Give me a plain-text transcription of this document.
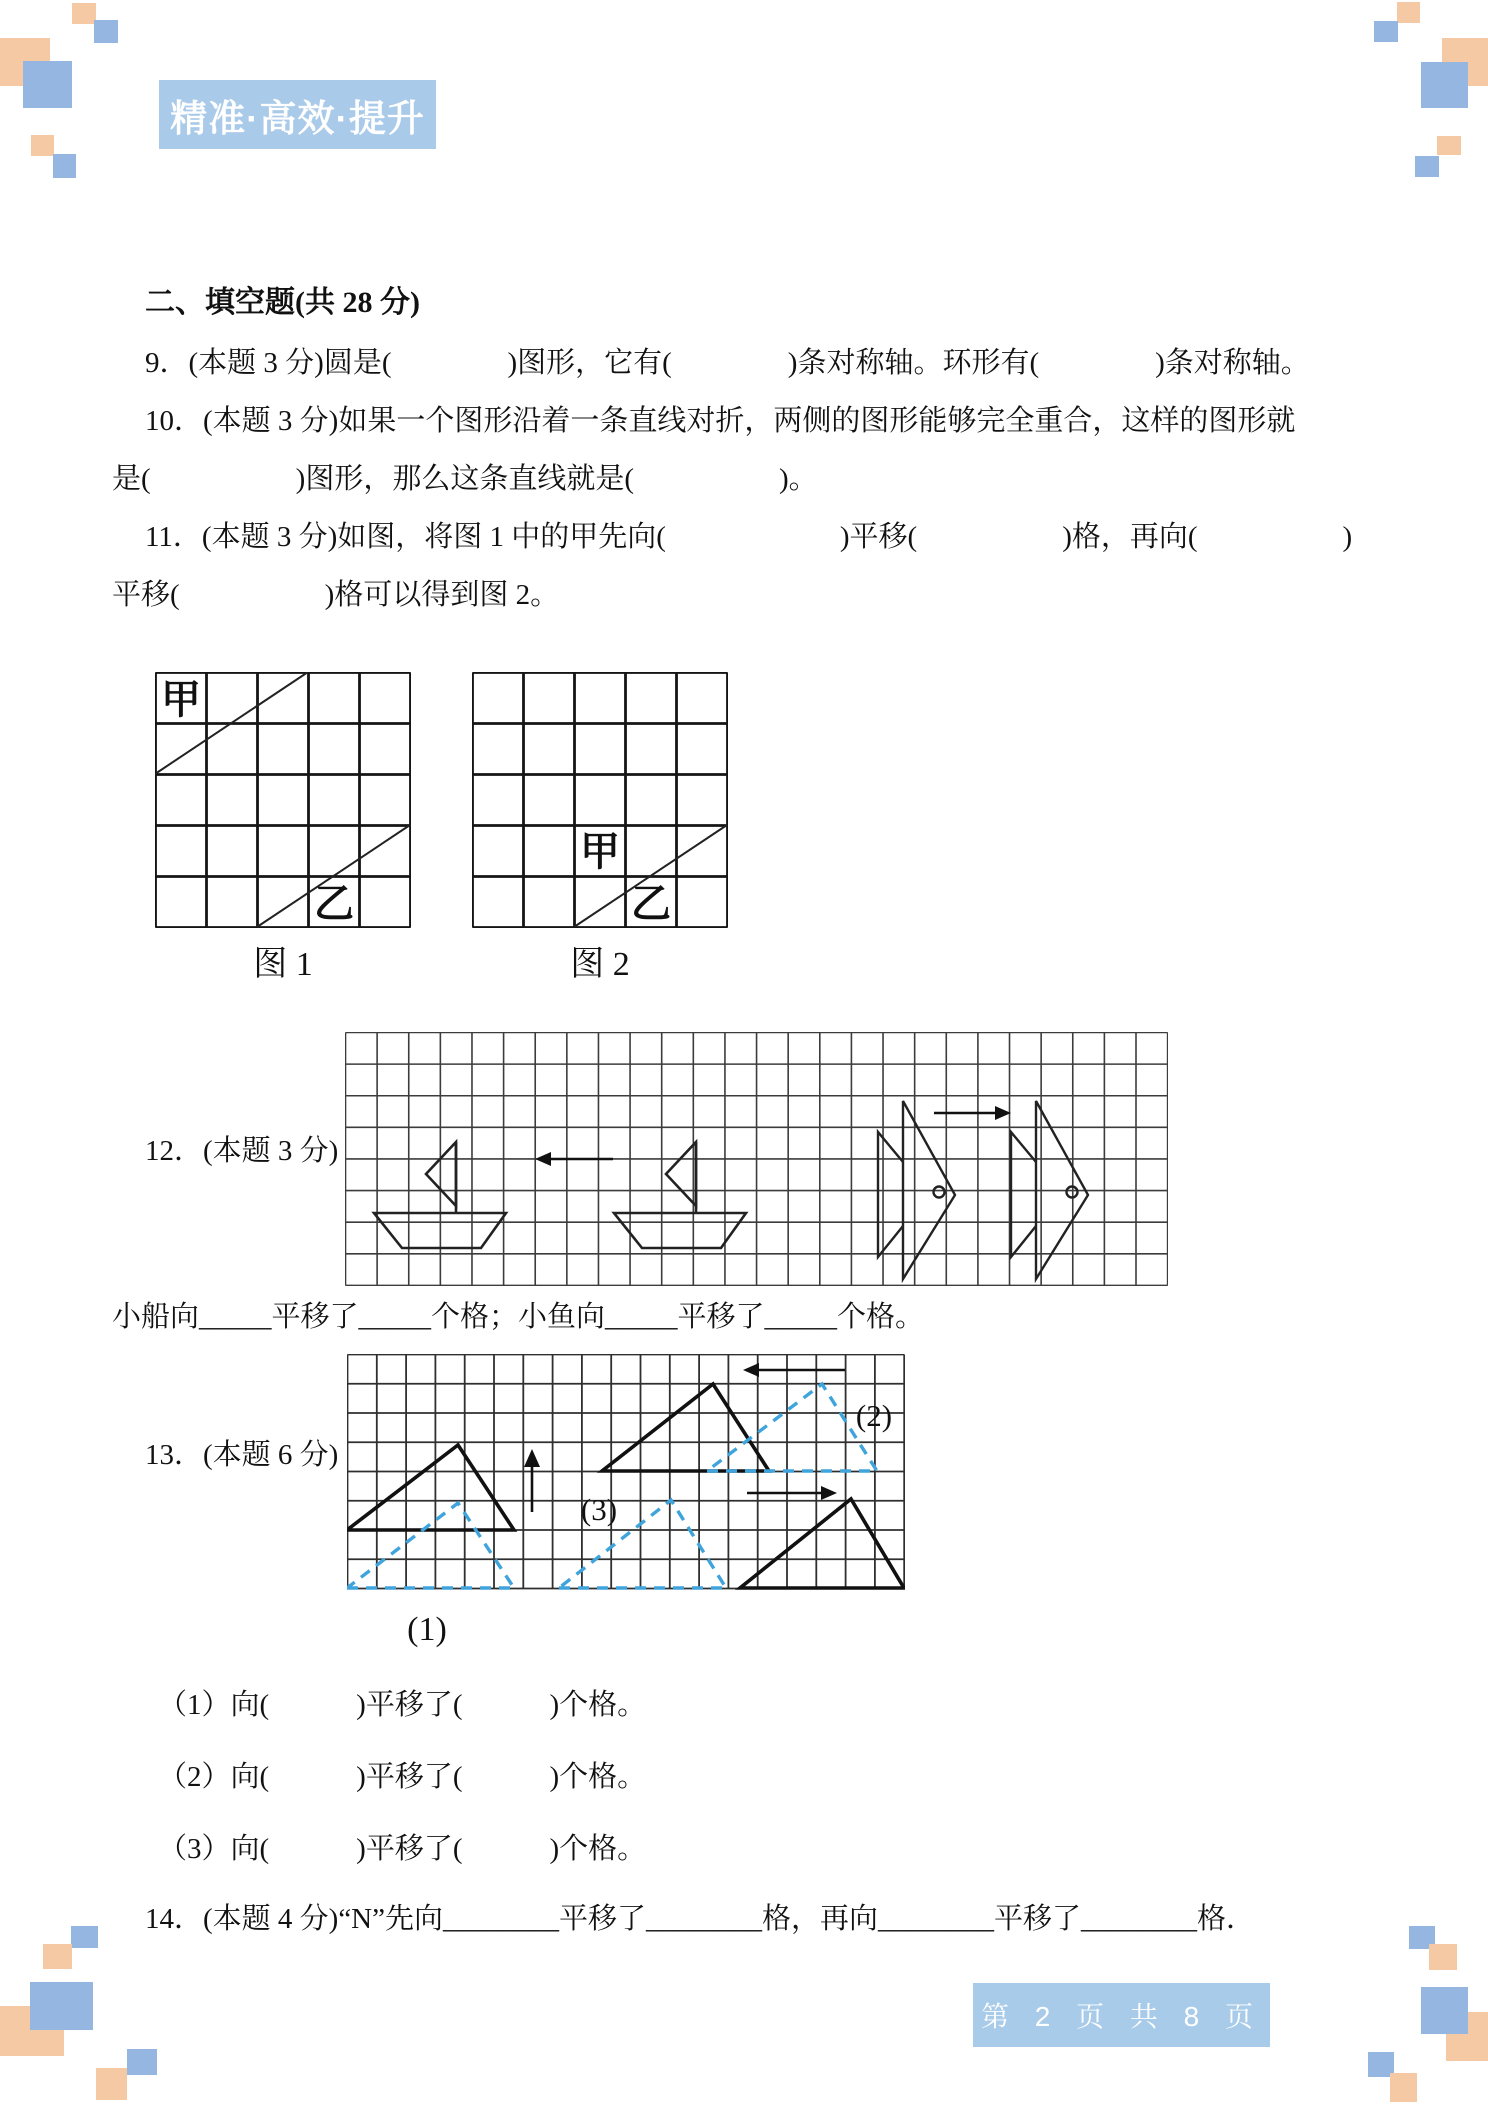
精准·高效·提升
二、填空题(共 28 分)
9．(本题 3 分)圆是(　　　　)图形，它有(　　　　)条对称轴。环形有(　　　　)条对称轴。
10．(本题 3 分)如果一个图形沿着一条直线对折，两侧的图形能够完全重合，这样的图形就
是(　　　　　)图形，那么这条直线就是(　　　　　)。
11．(本题 3 分)如图，将图 1 中的甲先向(　　　　　　)平移(　　　　　)格，再向(　　　　　)
平移(　　　　　)格可以得到图 2。
甲
乙
图 1
甲
乙
图 2
12．(本题 3 分)
小船向_____平移了_____个格；小鱼向_____平移了_____个格。
13．(本题 6 分)
(3)
(2)
(1)
（1）向(　　　)平移了(　　　)个格。
（2）向(　　　)平移了(　　　)个格。
（3）向(　　　)平移了(　　　)个格。
14．(本题 4 分)“N”先向________平移了________格，再向________平移了________格．
第 2 页 共 8 页
